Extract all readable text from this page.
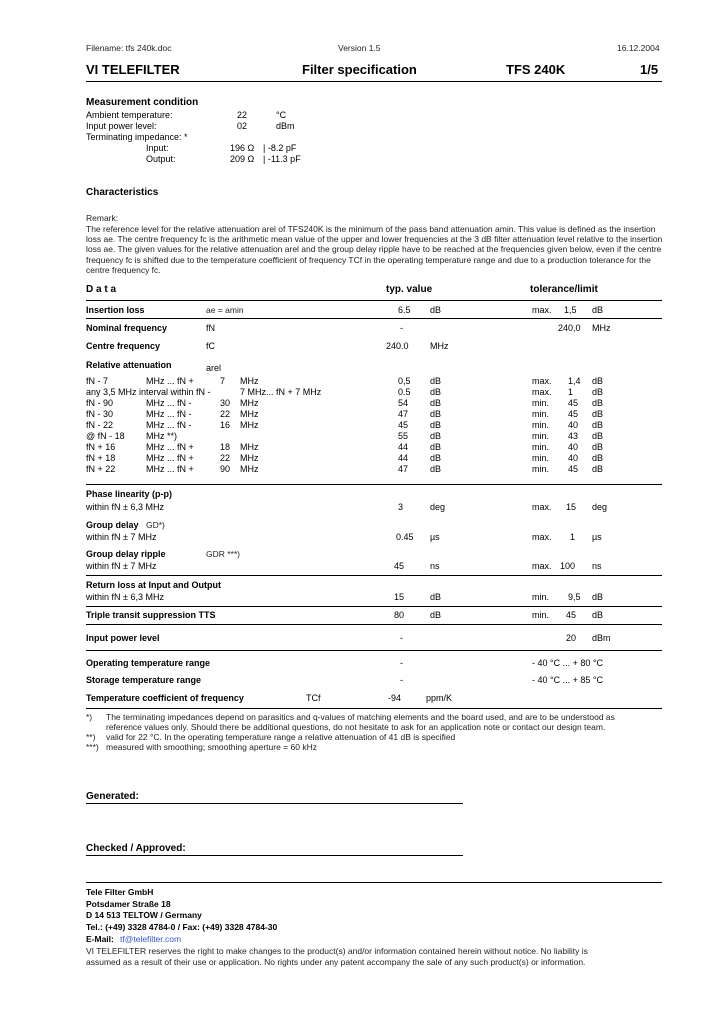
Filename: tfs 240k.doc	Version 1.5	16.12.2004
VI TELEFILTER	Filter specification	TFS 240K	1/5
Measurement condition
Ambient temperature:	22	°C
Input power level:	02	dBm
Terminating impedance: *
Input:	196 Ω | -8.2 pF
Output:	209 Ω | -11.3 pF
Characteristics
Remark:
The reference level for the relative attenuation arel of TFS240K is the minimum of the pass band attenuation amin. This value is defined as the insertion loss ae. The centre frequency fc is the arithmetic mean value of the upper and lower frequencies at the 3 dB filter attenuation level relative to the insertion loss ae. The given values for the relative attenuation arel and the group delay ripple have to be reached at the frequencies given below, even if the centre frequency fc is shifted due to the temperature coefficient of frequency TCf in the operating temperature range and due to a production tolerance for the centre frequency fc.
D a t a	typ. value	tolerance/limit
Insertion loss	ae = amin	6.5 dB	max. 1,5 dB
Nominal frequency	fN	-	240,0 MHz
Centre frequency	fC	240.0 MHz
Relative attenuation	arel
fN - 7	MHz ... fN +	7 MHz	0,5 dB	max. 1,4 dB
any 3,5 MHz interval within fN -	7 MHz... fN + 7 MHz	0.5 dB	max. 1 dB
fN - 90	MHz ... fN -	30 MHz	54 dB	min. 45 dB
fN - 30	MHz ... fN -	22 MHz	47 dB	min. 45 dB
fN - 22	MHz ... fN -	16 MHz	45 dB	min. 40 dB
@ fN - 18 MHz **)	55 dB	min. 43 dB
fN + 16	MHz ... fN +	18 MHz	44 dB	min. 40 dB
fN + 18	MHz ... fN +	22 MHz	44 dB	min. 40 dB
fN + 22	MHz ... fN +	90 MHz	47 dB	min. 45 dB
Phase linearity (p-p)
within fN ± 6,3 MHz	3	deg	max. 15 deg
Group delay GD*)
within fN ± 7 MHz	0.45 µs	max. 1 µs
Group delay ripple	GDR ***)
within fN ± 7 MHz	45	ns	max. 100 ns
Return loss at Input and Output
within fN ± 6,3 MHz	15	dB	min. 9,5 dB
Triple transit suppression TTS	80	dB	min. 45 dB
Input power level	-	20 dBm
Operating temperature range	-	- 40 °C ... + 80 °C
Storage temperature range	-	- 40 °C ... + 85 °C
Temperature coefficient of frequency	TCf	-94	ppm/K
*) The terminating impedances depend on parasitics and q-values of matching elements and the board used, and are to be understood as
reference values only. Should there be additional questions, do not hesitate to ask for an application note or contact our design team.
**) valid for 22 °C. In the operating temperature range a relative attenuation of 41 dB is specified
***) measured with smoothing; smoothing aperture = 60 kHz
Generated:
Checked / Approved:
Tele Filter GmbH
Potsdamer Straße 18
D 14 513 TELTOW / Germany
Tel.: (+49) 3328 4784-0 / Fax: (+49) 3328 4784-30
E-Mail: tf@telefilter.com
VI TELEFILTER reserves the right to make changes to the product(s) and/or information contained herein without notice. No liability is
assumed as a result of their use or application. No rights under any patent accompany the sale of any such product(s) or information.
